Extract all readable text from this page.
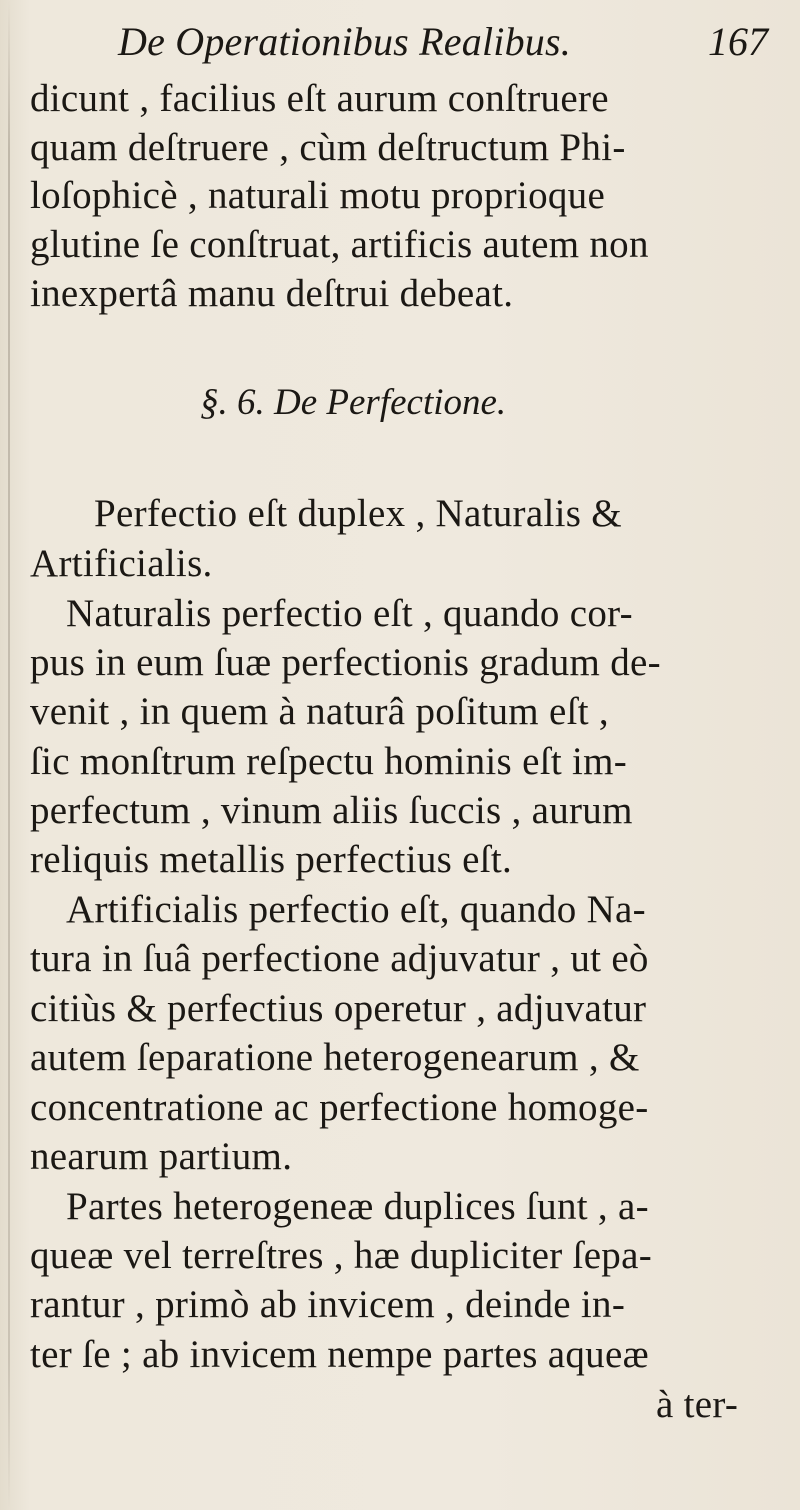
De Operationibus Realibus.	167
dicunt , facilius eſt aurum conſtruere
quam deſtruere , cùm deſtructum Phi-
loſophicè , naturali motu proprioque
glutine ſe conſtruat, artificis autem non
inexpertâ manu deſtrui debeat.
§. 6. De Perfectione.
Perfectio eſt duplex , Naturalis &
Artificialis.
Naturalis perfectio eſt , quando cor-
pus in eum ſuæ perfectionis gradum de-
venit , in quem à naturâ poſitum eſt ,
ſic monſtrum reſpectu hominis eſt im-
perfectum , vinum aliis ſuccis , aurum
reliquis metallis perfectius eſt.
Artificialis perfectio eſt, quando Na-
tura in ſuâ perfectione adjuvatur , ut eò
citiùs & perfectius operetur , adjuvatur
autem ſeparatione heterogenearum , &
concentratione ac perfectione homoge-
nearum partium.
Partes heterogeneæ duplices ſunt , a-
queæ vel terreſtres , hæ dupliciter ſepa-
rantur , primò ab invicem , deinde in-
ter ſe ; ab invicem nempe partes aqueæ
à ter-
